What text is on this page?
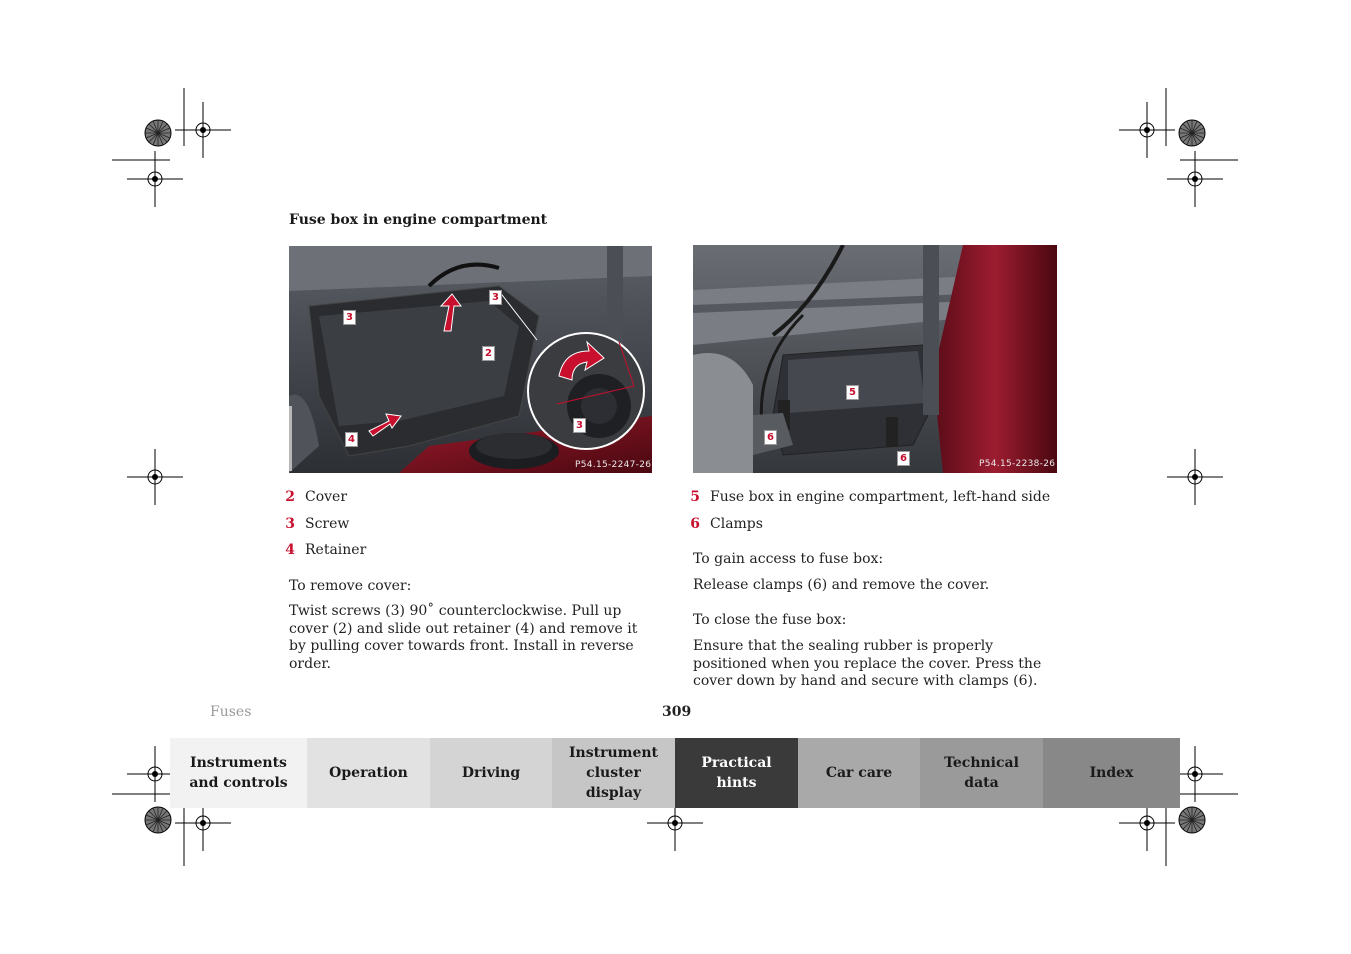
Fuse box in engine compartment
3
3
2
4
3
P54.15-2247-26
5
6
6	P54.15-2238-26
2 Cover
3 Screw
4 Retainer
5 Fuse box in engine compartment, left-hand side
6 Clamps
To remove cover:
Twist screws (3) 90˚ counterclockwise. Pull up cover (2) and slide out retainer (4) and remove it by pulling cover towards front. Install in reverse order.
To gain access to fuse box:
Release clamps (6) and remove the cover.
To close the fuse box:
Ensure that the sealing rubber is properly positioned when you replace the cover. Press the cover down by hand and secure with clamps (6).
Fuses	309
Instruments and controls
Operation	Driving
Instrument cluster display
Practical hints
Car care
Technical data
Index
